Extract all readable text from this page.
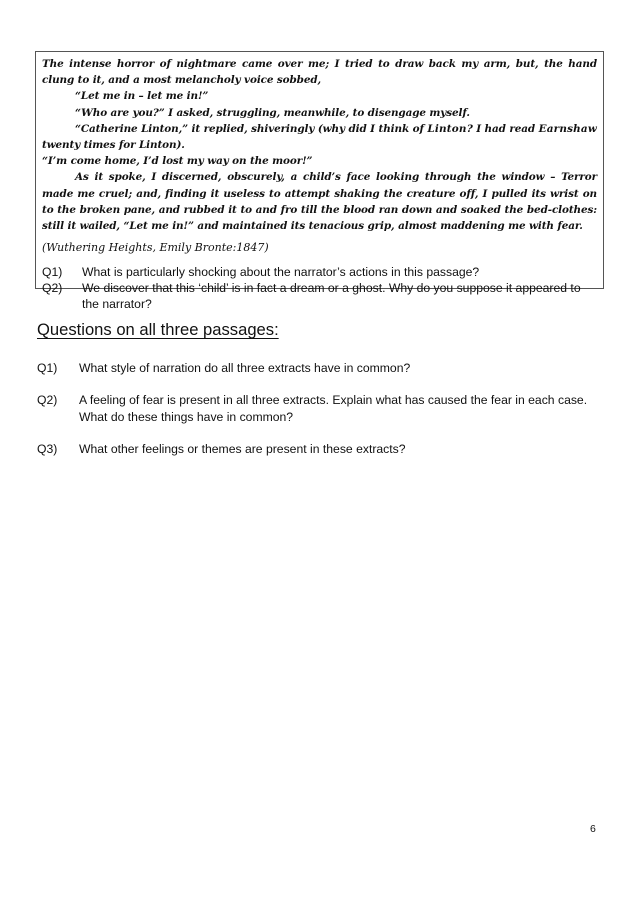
The intense horror of nightmare came over me; I tried to draw back my arm, but, the hand clung to it, and a most melancholy voice sobbed,

“Let me in – let me in!”

“Who are you?” I asked, struggling, meanwhile, to disengage myself.

“Catherine Linton,” it replied, shiveringly (why did I think of Linton? I had read Earnshaw twenty times for Linton).

“I’m come home, I’d lost my way on the moor!”

As it spoke, I discerned, obscurely, a child’s face looking through the window – Terror made me cruel; and, finding it useless to attempt shaking the creature off, I pulled its wrist on to the broken pane, and rubbed it to and fro till the blood ran down and soaked the bed-clothes: still it wailed, “Let me in!” and maintained its tenacious grip, almost maddening me with fear.

(Wuthering Heights, Emily Bronte:1847)
Q1)	What is particularly shocking about the narrator’s actions in this passage?
Q2)	We discover that this ‘child’ is in fact a dream or a ghost. Why do you suppose it appeared to the narrator?
Questions on all three passages:
Q1)	What style of narration do all three extracts have in common?
Q2)	A feeling of fear is present in all three extracts. Explain what has caused the fear in each case. What do these things have in common?
Q3)	What other feelings or themes are present in these extracts?
6
